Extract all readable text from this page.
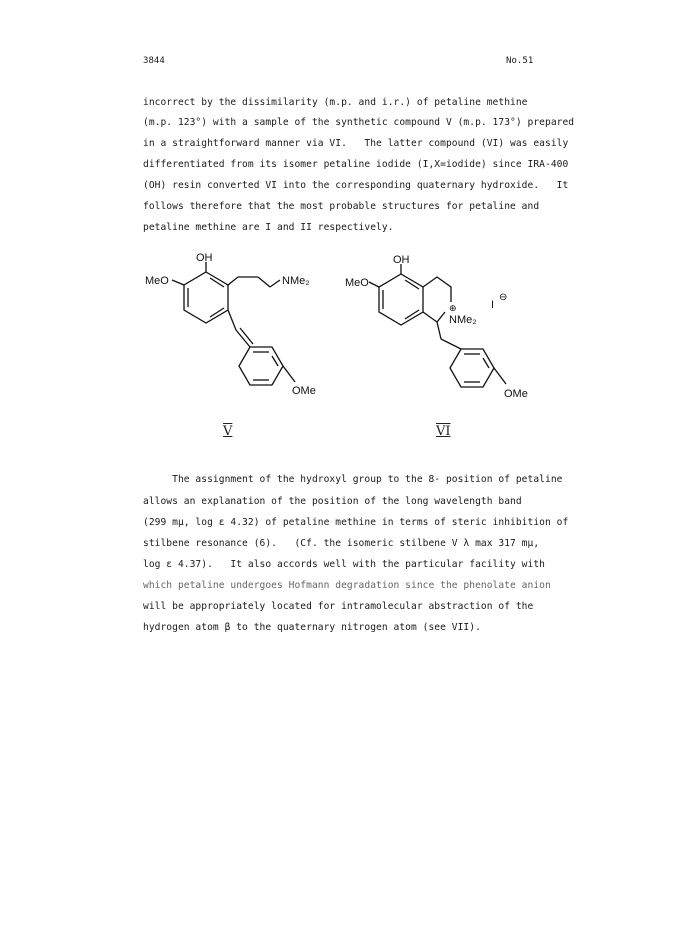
3844	No.51
incorrect by the dissimilarity (m.p. and i.r.) of petaline methine
(m.p. 123°) with a sample of the synthetic compound V (m.p. 173°) prepared
in a straightforward manner via VI.   The latter compound (VI) was easily
differentiated from its isomer petaline iodide (I,X=iodide) since IRA-400
(OH) resin converted VI into the corresponding quaternary hydroxide.   It
follows therefore that the most probable structures for petaline and
petaline methine are I and II respectively.
OH
MeO	NMe₂
OMe
OH
MeO
⊕
NMe₂
I
⊖
OMe
V	VI
The assignment of the hydroxyl group to the 8- position of petaline
allows an explanation of the position of the long wavelength band
(299 mμ, log ε 4.32) of petaline methine in terms of steric inhibition of
stilbene resonance (6).   (Cf. the isomeric stilbene V λ max 317 mμ,
log ε 4.37).   It also accords well with the particular facility with
which petaline undergoes Hofmann degradation since the phenolate anion
will be appropriately located for intramolecular abstraction of the
hydrogen atom β to the quaternary nitrogen atom (see VII).
